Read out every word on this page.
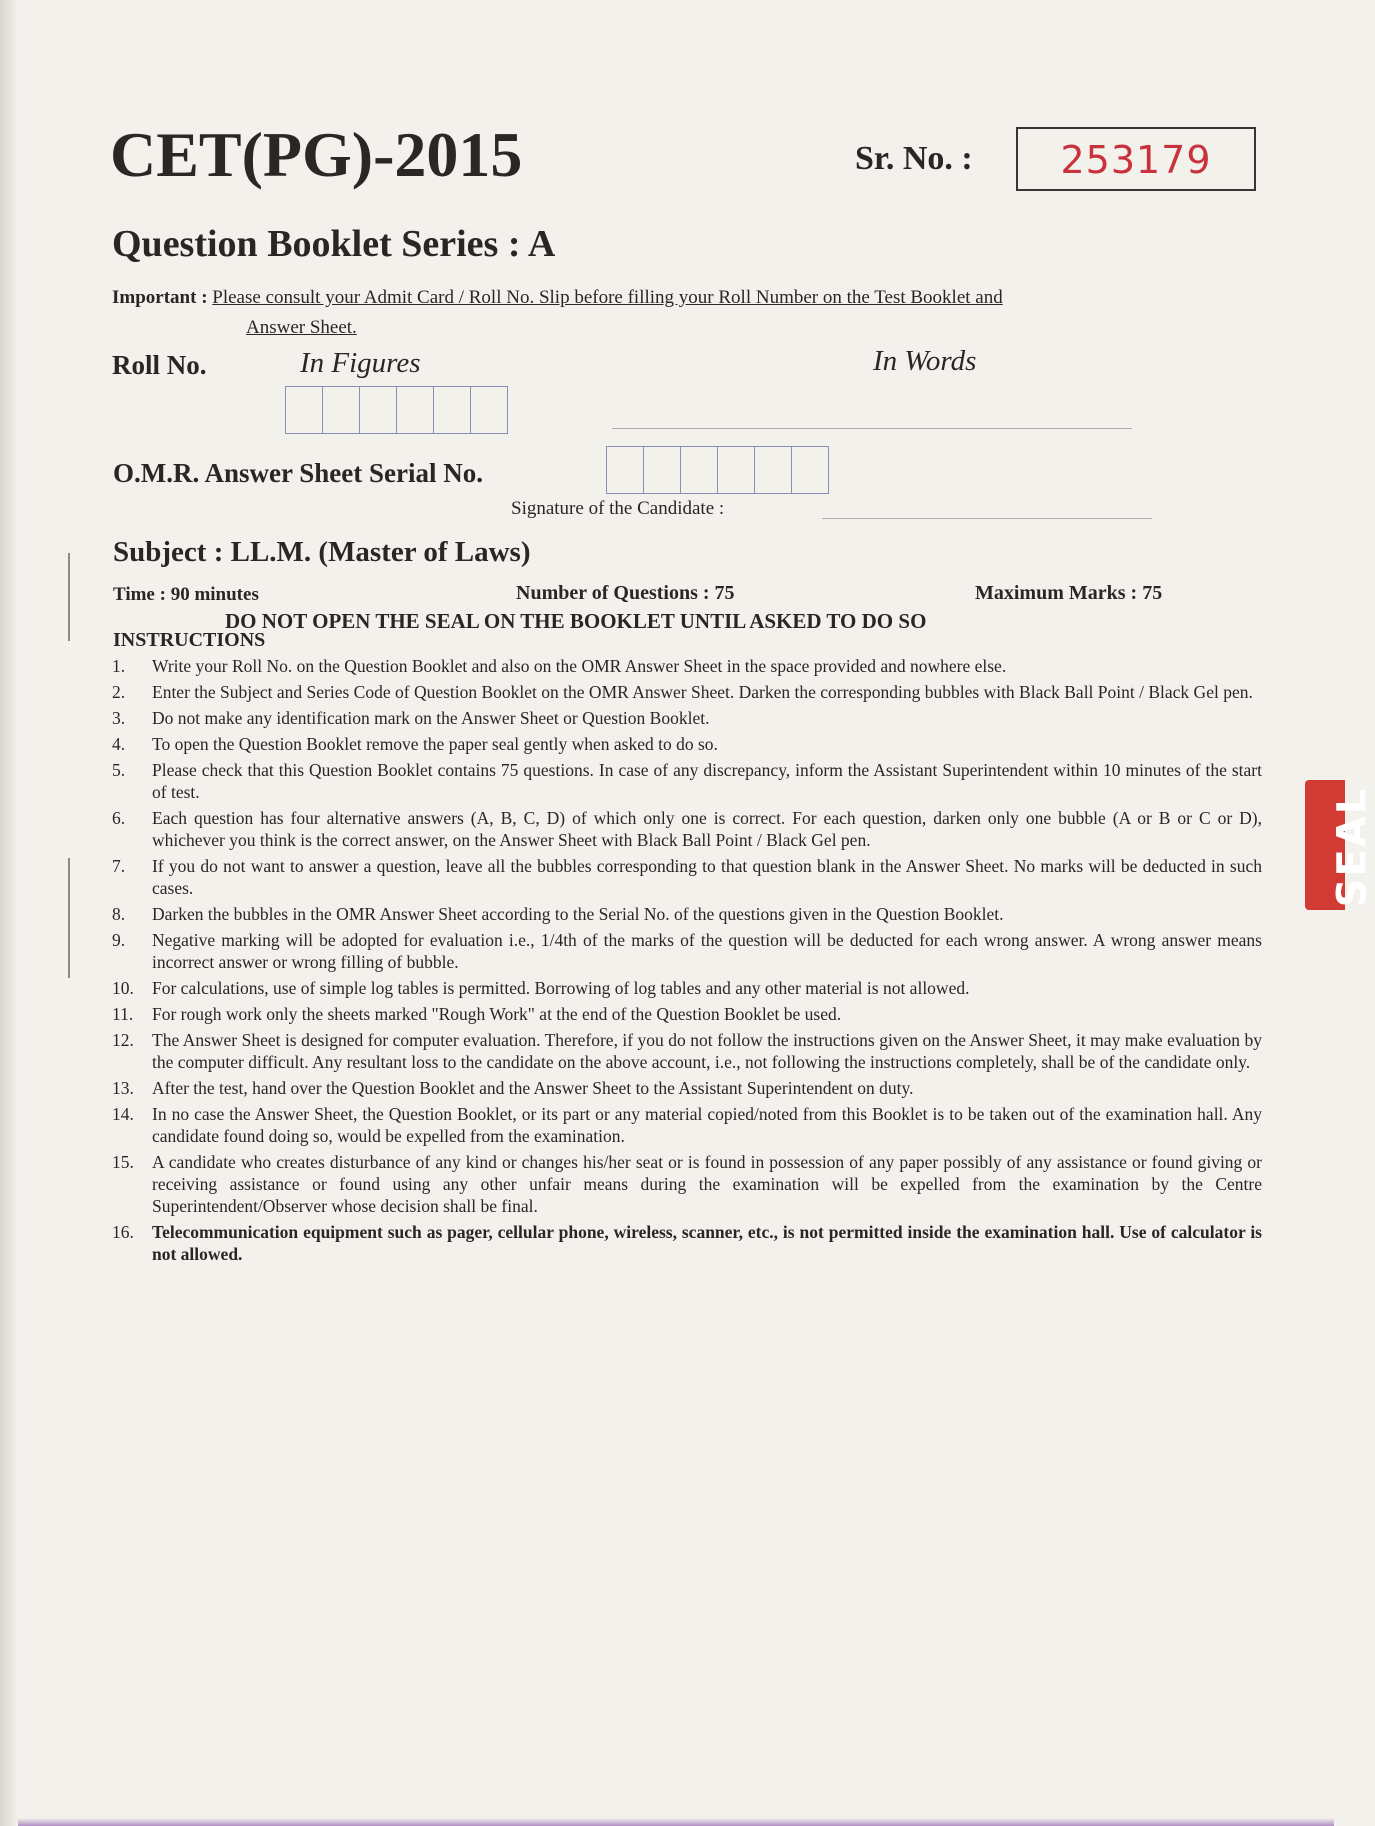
CET(PG)-2015	Sr. No. :	253179
Question Booklet Series : A
Important : Please consult your Admit Card / Roll No. Slip before filling your Roll Number on the Test Booklet and
Answer Sheet.
Roll No.	In Figures	In Words
O.M.R. Answer Sheet Serial No.
Signature of the Candidate :
Subject : LL.M. (Master of Laws)
Time : 90 minutes	Number of Questions : 75	Maximum Marks : 75
DO NOT OPEN THE SEAL ON THE BOOKLET UNTIL ASKED TO DO SO
INSTRUCTIONS
1.	Write your Roll No. on the Question Booklet and also on the OMR Answer Sheet in the space provided and nowhere else.
2.	Enter the Subject and Series Code of Question Booklet on the OMR Answer Sheet. Darken the corresponding bubbles with Black Ball Point / Black Gel pen.
3.	Do not make any identification mark on the Answer Sheet or Question Booklet.
4.	To open the Question Booklet remove the paper seal gently when asked to do so.
5.	Please check that this Question Booklet contains 75 questions. In case of any discrepancy, inform the Assistant Superintendent within 10 minutes of the start of test.
6.	Each question has four alternative answers (A, B, C, D) of which only one is correct. For each question, darken only one bubble (A or B or C or D), whichever you think is the correct answer, on the Answer Sheet with Black Ball Point / Black Gel pen.
7.	If you do not want to answer a question, leave all the bubbles corresponding to that question blank in the Answer Sheet. No marks will be deducted in such cases.
8.	Darken the bubbles in the OMR Answer Sheet according to the Serial No. of the questions given in the Question Booklet.
9.	Negative marking will be adopted for evaluation i.e., 1/4th of the marks of the question will be deducted for each wrong answer. A wrong answer means incorrect answer or wrong filling of bubble.
10.	For calculations, use of simple log tables is permitted. Borrowing of log tables and any other material is not allowed.
11.	For rough work only the sheets marked "Rough Work" at the end of the Question Booklet be used.
12.	The Answer Sheet is designed for computer evaluation. Therefore, if you do not follow the instructions given on the Answer Sheet, it may make evaluation by the computer difficult. Any resultant loss to the candidate on the above account, i.e., not following the instructions completely, shall be of the candidate only.
13.	After the test, hand over the Question Booklet and the Answer Sheet to the Assistant Superintendent on duty.
14.	In no case the Answer Sheet, the Question Booklet, or its part or any material copied/noted from this Booklet is to be taken out of the examination hall. Any candidate found doing so, would be expelled from the examination.
15.	A candidate who creates disturbance of any kind or changes his/her seat or is found in possession of any paper possibly of any assistance or found giving or receiving assistance or found using any other unfair means during the examination will be expelled from the examination by the Centre Superintendent/Observer whose decision shall be final.
16.	Telecommunication equipment such as pager, cellular phone, wireless, scanner, etc., is not permitted inside the examination hall. Use of calculator is not allowed.
SEAL
